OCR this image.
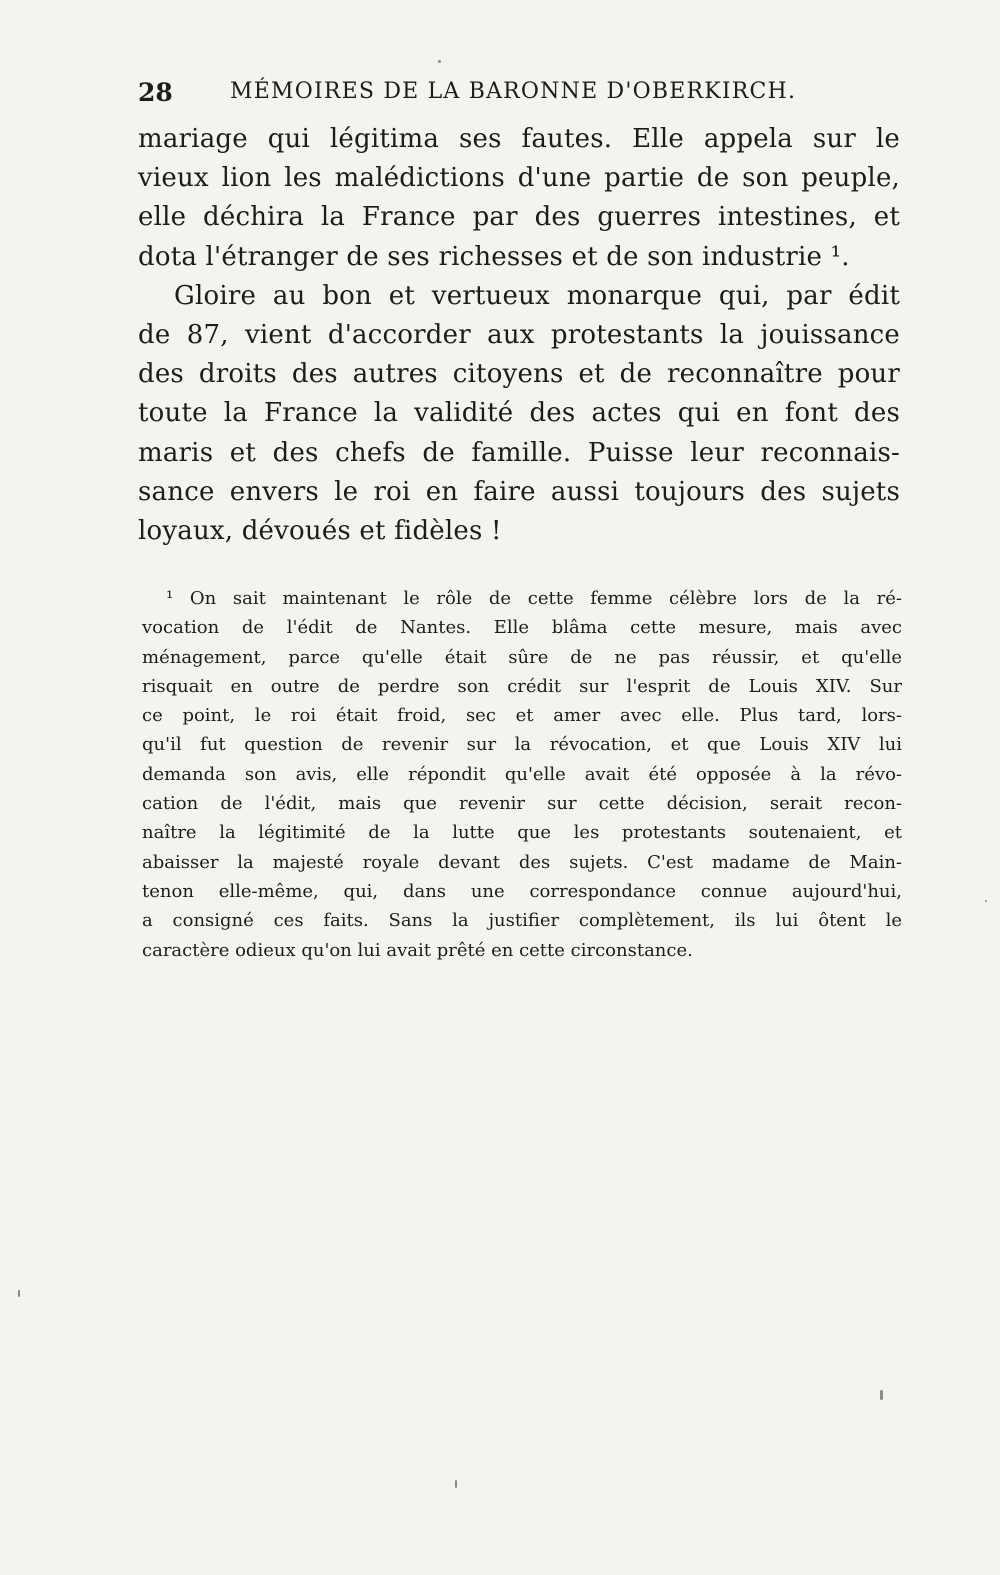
28	MÉMOIRES DE LA BARONNE D'OBERKIRCH.
mariage qui légitima ses fautes. Elle appela sur le
vieux lion les malédictions d'une partie de son peuple,
elle déchira la France par des guerres intestines, et
dota l'étranger de ses richesses et de son industrie ¹.
Gloire au bon et vertueux monarque qui, par édit
de 87, vient d'accorder aux protestants la jouissance
des droits des autres citoyens et de reconnaître pour
toute la France la validité des actes qui en font des
maris et des chefs de famille. Puisse leur reconnais-
sance envers le roi en faire aussi toujours des sujets
loyaux, dévoués et fidèles !
¹ On sait maintenant le rôle de cette femme célèbre lors de la ré-
vocation de l'édit de Nantes. Elle blâma cette mesure, mais avec
ménagement, parce qu'elle était sûre de ne pas réussir, et qu'elle
risquait en outre de perdre son crédit sur l'esprit de Louis XIV. Sur
ce point, le roi était froid, sec et amer avec elle. Plus tard, lors-
qu'il fut question de revenir sur la révocation, et que Louis XIV lui
demanda son avis, elle répondit qu'elle avait été opposée à la révo-
cation de l'édit, mais que revenir sur cette décision, serait recon-
naître la légitimité de la lutte que les protestants soutenaient, et
abaisser la majesté royale devant des sujets. C'est madame de Main-
tenon elle-même, qui, dans une correspondance connue aujourd'hui,
a consigné ces faits. Sans la justifier complètement, ils lui ôtent le
caractère odieux qu'on lui avait prêté en cette circonstance.
